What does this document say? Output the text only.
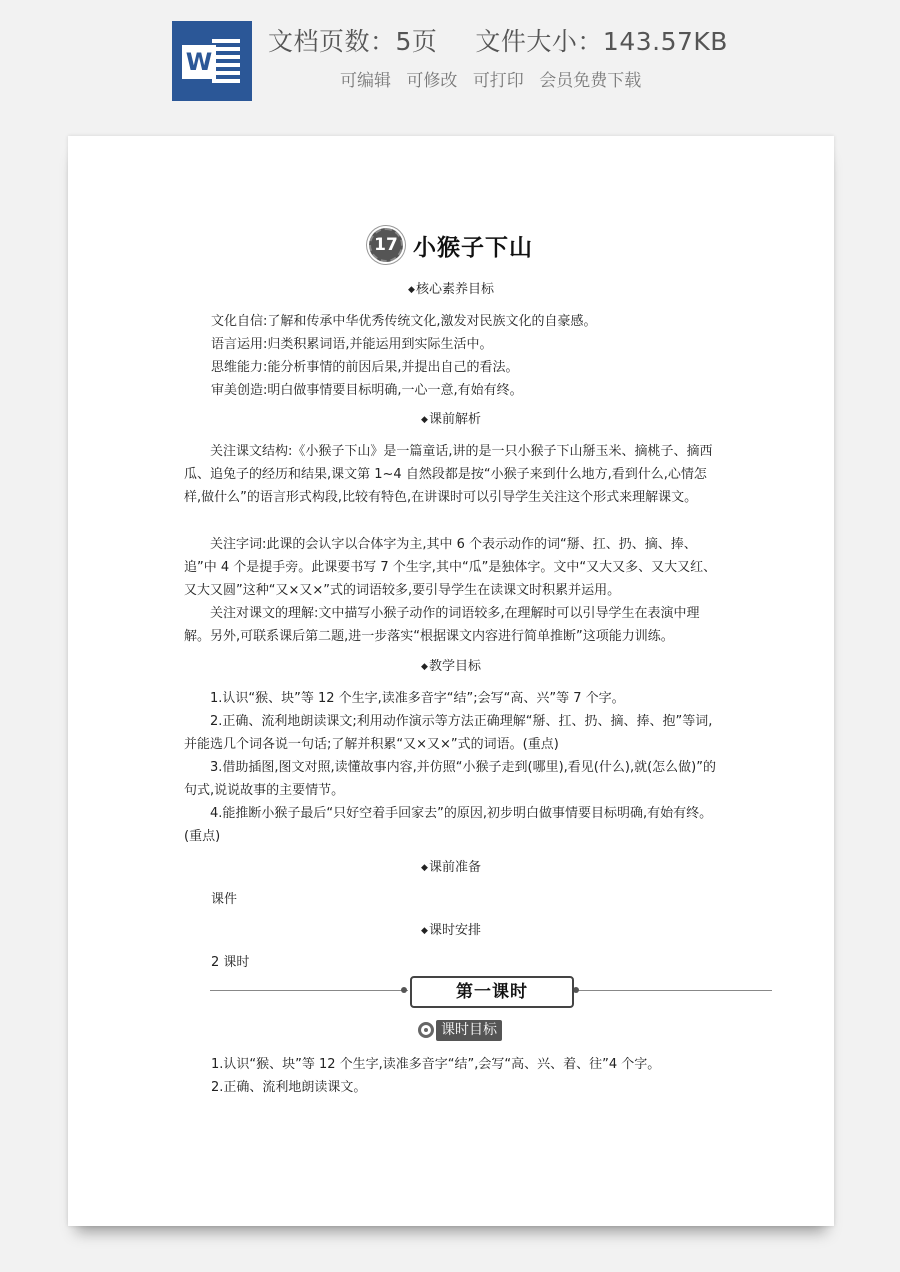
W
文档页数：5页 文件大小：143.57KB
可编辑 可修改 可打印 会员免费下载
17 小猴子下山
◆ 核心素养目标
文化自信:了解和传承中华优秀传统文化,激发对民族文化的自豪感。
语言运用:归类积累词语,并能运用到实际生活中。
思维能力:能分析事情的前因后果,并提出自己的看法。
审美创造:明白做事情要目标明确,一心一意,有始有终。
◆ 课前解析
关注课文结构:《小猴子下山》是一篇童话,讲的是一只小猴子下山掰玉米、摘桃子、摘西瓜、追兔子的经历和结果,课文第 1~4 自然段都是按“小猴子来到什么地方,看到什么,心情怎样,做什么”的语言形式构段,比较有特色,在讲课时可以引导学生关注这个形式来理解课文。
关注字词:此课的会认字以合体字为主,其中 6 个表示动作的词“掰、扛、扔、摘、捧、追”中 4 个是提手旁。此课要书写 7 个生字,其中“瓜”是独体字。文中“又大又多、又大又红、又大又圆”这种“又×又×”式的词语较多,要引导学生在读课文时积累并运用。
关注对课文的理解:文中描写小猴子动作的词语较多,在理解时可以引导学生在表演中理解。另外,可联系课后第二题,进一步落实“根据课文内容进行简单推断”这项能力训练。
◆ 教学目标
1.认识“猴、块”等 12 个生字,读准多音字“结”;会写“高、兴”等 7 个字。
2.正确、流利地朗读课文;利用动作演示等方法正确理解“掰、扛、扔、摘、捧、抱”等词,并能选几个词各说一句话;了解并积累“又×又×”式的词语。(重点)
3.借助插图,图文对照,读懂故事内容,并仿照“小猴子走到(哪里),看见(什么),就(怎么做)”的句式,说说故事的主要情节。
4.能推断小猴子最后“只好空着手回家去”的原因,初步明白做事情要目标明确,有始有终。(重点)
◆ 课前准备
课件
◆ 课时安排
2 课时
第一课时
课时目标
1.认识“猴、块”等 12 个生字,读准多音字“结”,会写“高、兴、着、往”4 个字。
2.正确、流利地朗读课文。
